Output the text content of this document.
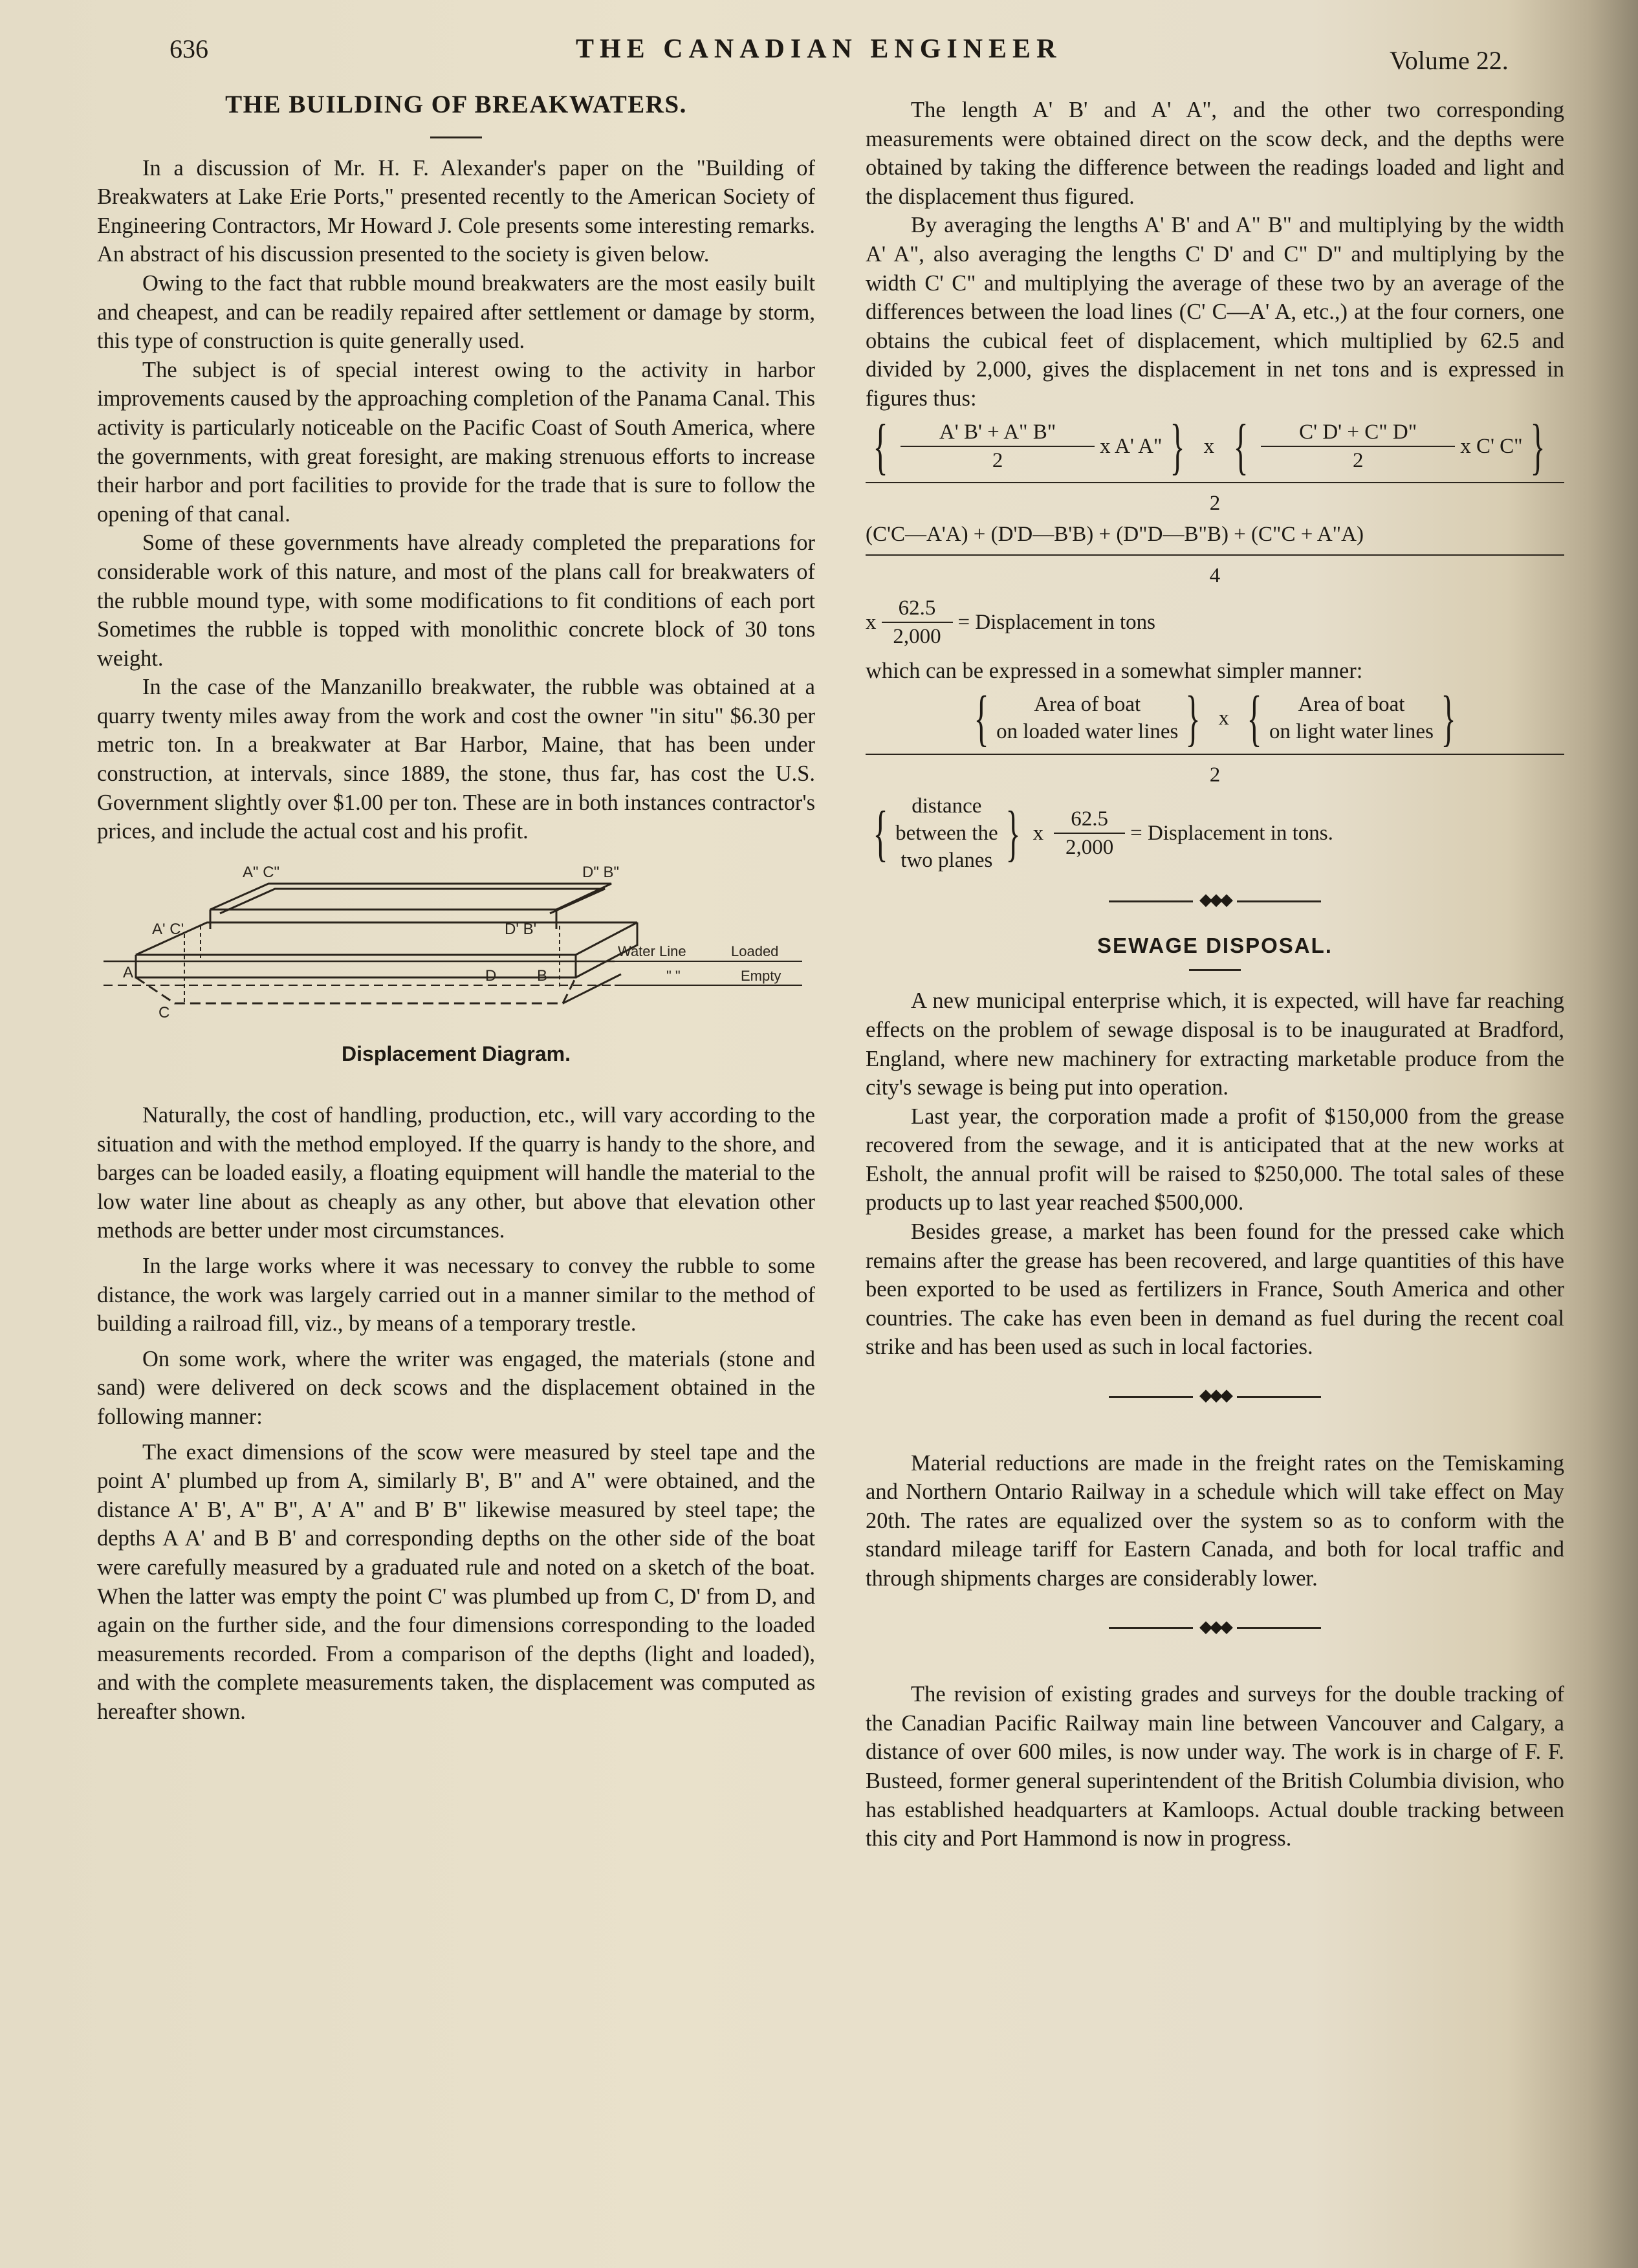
636	THE CANADIAN ENGINEER	Volume 22.
THE BUILDING OF BREAKWATERS.

In a discussion of Mr. H. F. Alexander's paper on the "Building of Breakwaters at Lake Erie Ports," presented recently to the American Society of Engineering Contractors, Mr Howard J. Cole presents some interesting remarks. An abstract of his discussion presented to the society is given below.

Owing to the fact that rubble mound breakwaters are the most easily built and cheapest, and can be readily repaired after settlement or damage by storm, this type of construction is quite generally used.

The subject is of special interest owing to the activity in harbor improvements caused by the approaching completion of the Panama Canal. This activity is particularly noticeable on the Pacific Coast of South America, where the governments, with great foresight, are making strenuous efforts to increase their harbor and port facilities to provide for the trade that is sure to follow the opening of that canal.

Some of these governments have already completed the preparations for considerable work of this nature, and most of the plans call for breakwaters of the rubble mound type, with some modifications to fit conditions of each port Sometimes the rubble is topped with monolithic concrete block of 30 tons weight.

In the case of the Manzanillo breakwater, the rubble was obtained at a quarry twenty miles away from the work and cost the owner "in situ" $6.30 per metric ton. In a breakwater at Bar Harbor, Maine, that has been under construction, at intervals, since 1889, the stone, thus far, has cost the U.S. Government slightly over $1.00 per ton. These are in both instances contractor's prices, and include the actual cost and his profit.

A" C"	D" B"
A' C'	D' B'
A
C
D	B
Water Line	Loaded
" "	Empty
Displacement Diagram.

Naturally, the cost of handling, production, etc., will vary according to the situation and with the method employed. If the quarry is handy to the shore, and barges can be loaded easily, a floating equipment will handle the material to the low water line about as cheaply as any other, but above that elevation other methods are better under most circumstances.

In the large works where it was necessary to convey the rubble to some distance, the work was largely carried out in a manner similar to the method of building a railroad fill, viz., by means of a temporary trestle.

On some work, where the writer was engaged, the materials (stone and sand) were delivered on deck scows and the displacement obtained in the following manner:

The exact dimensions of the scow were measured by steel tape and the point A' plumbed up from A, similarly B', B" and A" were obtained, and the distance A' B', A" B", A' A" and B' B" likewise measured by steel tape; the depths A A' and B B' and corresponding depths on the other side of the boat were carefully measured by a graduated rule and noted on a sketch of the boat. When the latter was empty the point C' was plumbed up from C, D' from D, and again on the further side, and the four dimensions corresponding to the loaded measurements recorded. From a comparison of the depths (light and loaded), and with the complete measurements taken, the displacement was computed as hereafter shown.

The length A' B' and A' A", and the other two corresponding measurements were obtained direct on the scow deck, and the depths were obtained by taking the difference between the readings loaded and light and the displacement thus figured.

By averaging the lengths A' B' and A" B" and multiplying by the width A' A", also averaging the lengths C' D' and C" D" and multiplying by the width C' C" and multiplying the average of these two by an average of the differences between the load lines (C' C—A' A, etc.,) at the four corners, one obtains the cubical feet of displacement, which multiplied by 62.5 and divided by 2,000, gives the displacement in net tons and is expressed in figures thus:

{ $\frac{A' B' + A" B"}{2}$ x A' A" } x { $\frac{C' D' + C" D"}{2}$ x C' C" }
2
(C'C—A'A) + (D'D—B'B) + (D"D—B"B) + (C"C + A"A)
4
x $\frac{62.5}{2,000}$ = Displacement in tons

which can be expressed in a somewhat simpler manner:

{ Area of boat
on loaded water lines } x { Area of boat
on light water lines }
2
{ distance
between the
two planes } x $\frac{62.5}{2,000}$ = Displacement in tons.
◆◆◆
SEWAGE DISPOSAL.

A new municipal enterprise which, it is expected, will have far reaching effects on the problem of sewage disposal is to be inaugurated at Bradford, England, where new machinery for extracting marketable produce from the city's sewage is being put into operation.

Last year, the corporation made a profit of $150,000 from the grease recovered from the sewage, and it is anticipated that at the new works at Esholt, the annual profit will be raised to $250,000. The total sales of these products up to last year reached $500,000.

Besides grease, a market has been found for the pressed cake which remains after the grease has been recovered, and large quantities of this have been exported to be used as fertilizers in France, South America and other countries. The cake has even been in demand as fuel during the recent coal strike and has been used as such in local factories.

◆◆◆

Material reductions are made in the freight rates on the Temiskaming and Northern Ontario Railway in a schedule which will take effect on May 20th. The rates are equalized over the system so as to conform with the standard mileage tariff for Eastern Canada, and both for local traffic and through shipments charges are considerably lower.

◆◆◆

The revision of existing grades and surveys for the double tracking of the Canadian Pacific Railway main line between Vancouver and Calgary, a distance of over 600 miles, is now under way. The work is in charge of F. F. Busteed, former general superintendent of the British Columbia division, who has established headquarters at Kamloops. Actual double tracking between this city and Port Hammond is now in progress.
